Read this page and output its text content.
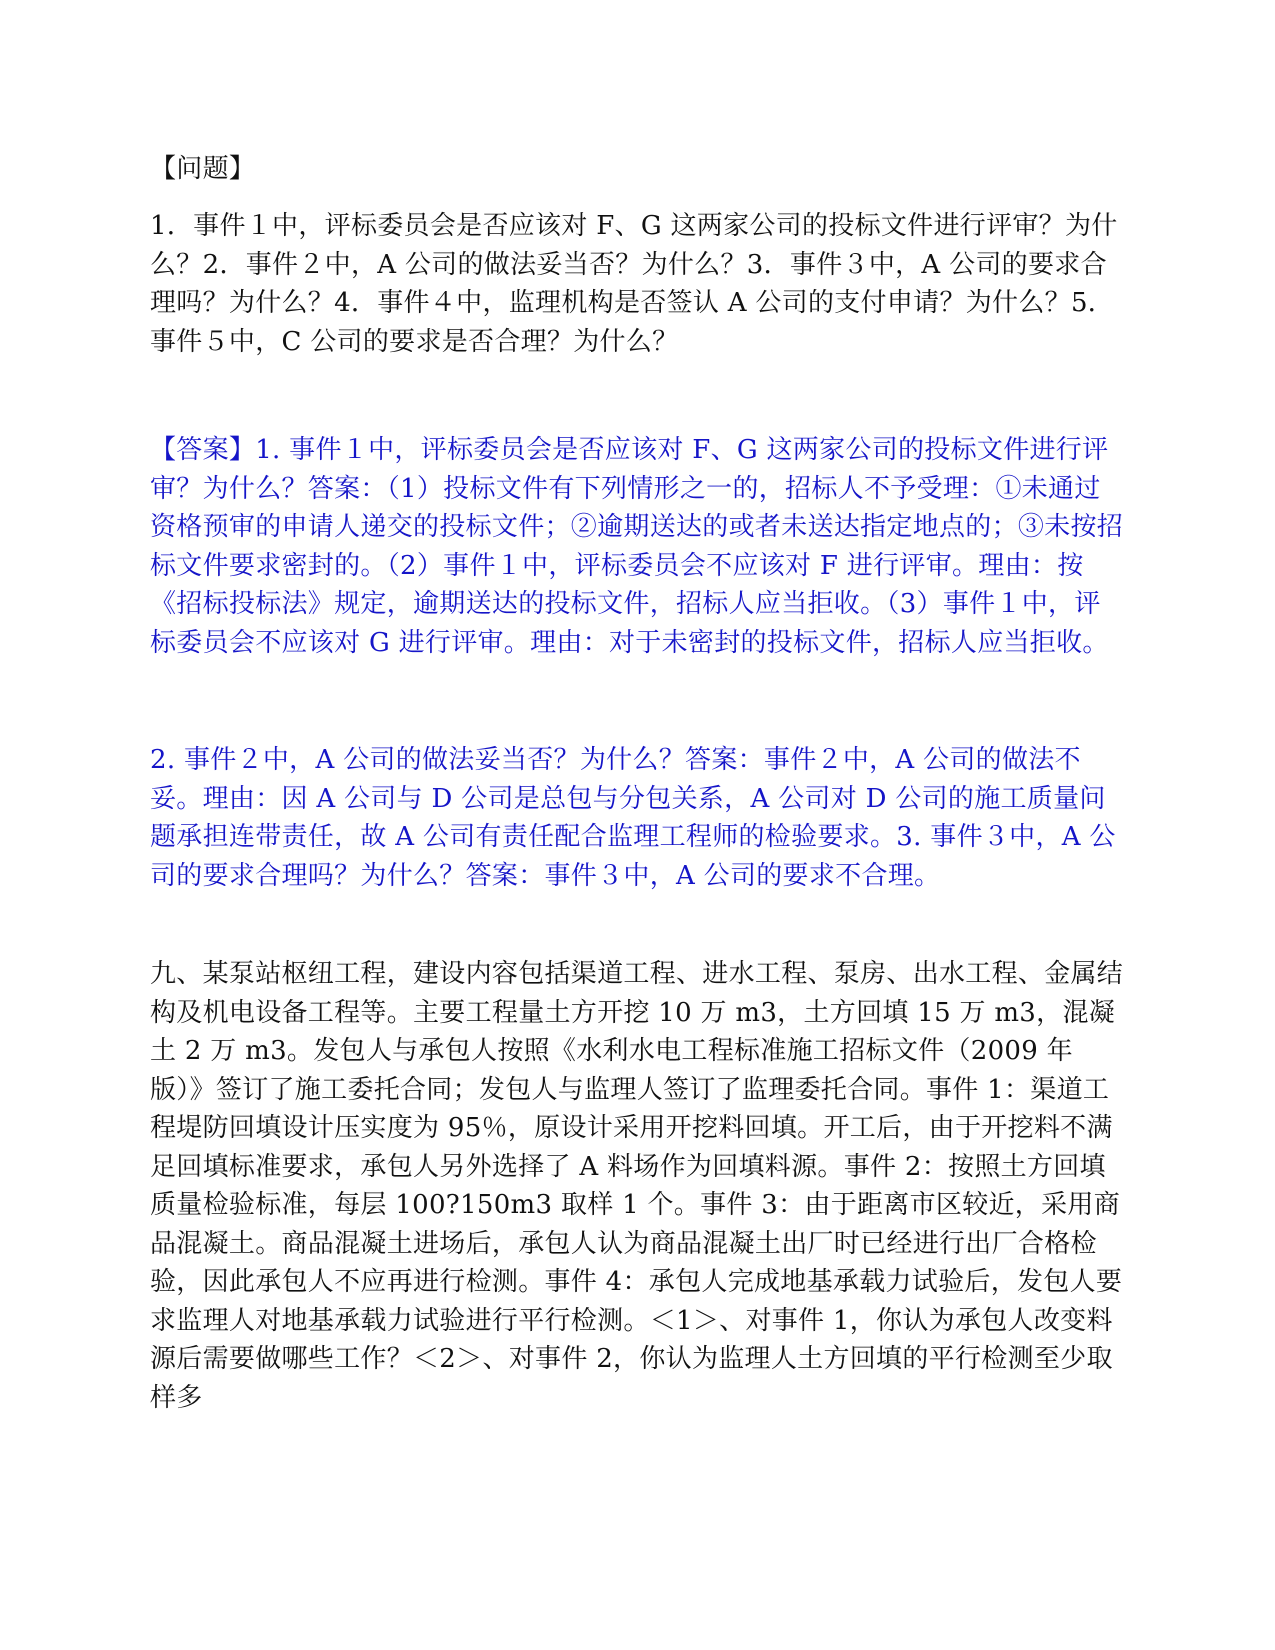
【问题】

1．事件１中，评标委员会是否应该对 F、G 这两家公司的投标文件进行评审？为什么？2．事件２中，A 公司的做法妥当否？为什么？3．事件３中，A 公司的要求合理吗？为什么？4．事件４中，监理机构是否签认 A 公司的支付申请？为什么？5．事件５中，C 公司的要求是否合理？为什么？

【答案】1. 事件１中，评标委员会是否应该对 F、G 这两家公司的投标文件进行评审？为什么？答案：（1）投标文件有下列情形之一的，招标人不予受理：①未通过资格预审的申请人递交的投标文件；②逾期送达的或者未送达指定地点的；③未按招标文件要求密封的。（2）事件１中，评标委员会不应该对 F 进行评审。理由：按《招标投标法》规定，逾期送达的投标文件，招标人应当拒收。（3）事件１中，评标委员会不应该对 G 进行评审。理由：对于未密封的投标文件，招标人应当拒收。

2. 事件２中，A 公司的做法妥当否？为什么？答案：事件２中，A 公司的做法不妥。理由：因 A 公司与 D 公司是总包与分包关系，A 公司对 D 公司的施工质量问题承担连带责任，故 A 公司有责任配合监理工程师的检验要求。3. 事件３中，A 公司的要求合理吗？为什么？答案：事件３中，A 公司的要求不合理。

九、某泵站枢纽工程，建设内容包括渠道工程、进水工程、泵房、出水工程、金属结构及机电设备工程等。主要工程量土方开挖 10 万 m3，土方回填 15 万 m3，混凝土 2 万 m3。发包人与承包人按照《水利水电工程标准施工招标文件（2009 年版）》签订了施工委托合同；发包人与监理人签订了监理委托合同。事件 1：渠道工程堤防回填设计压实度为 95％，原设计采用开挖料回填。开工后，由于开挖料不满足回填标准要求，承包人另外选择了 A 料场作为回填料源。事件 2：按照土方回填质量检验标准，每层 100?150m3 取样 1 个。事件 3：由于距离市区较近，采用商品混凝土。商品混凝土进场后，承包人认为商品混凝土出厂时已经进行出厂合格检验，因此承包人不应再进行检测。事件 4：承包人完成地基承载力试验后，发包人要求监理人对地基承载力试验进行平行检测。＜1＞、对事件 1，你认为承包人改变料源后需要做哪些工作？＜2＞、对事件 2，你认为监理人土方回填的平行检测至少取样多
